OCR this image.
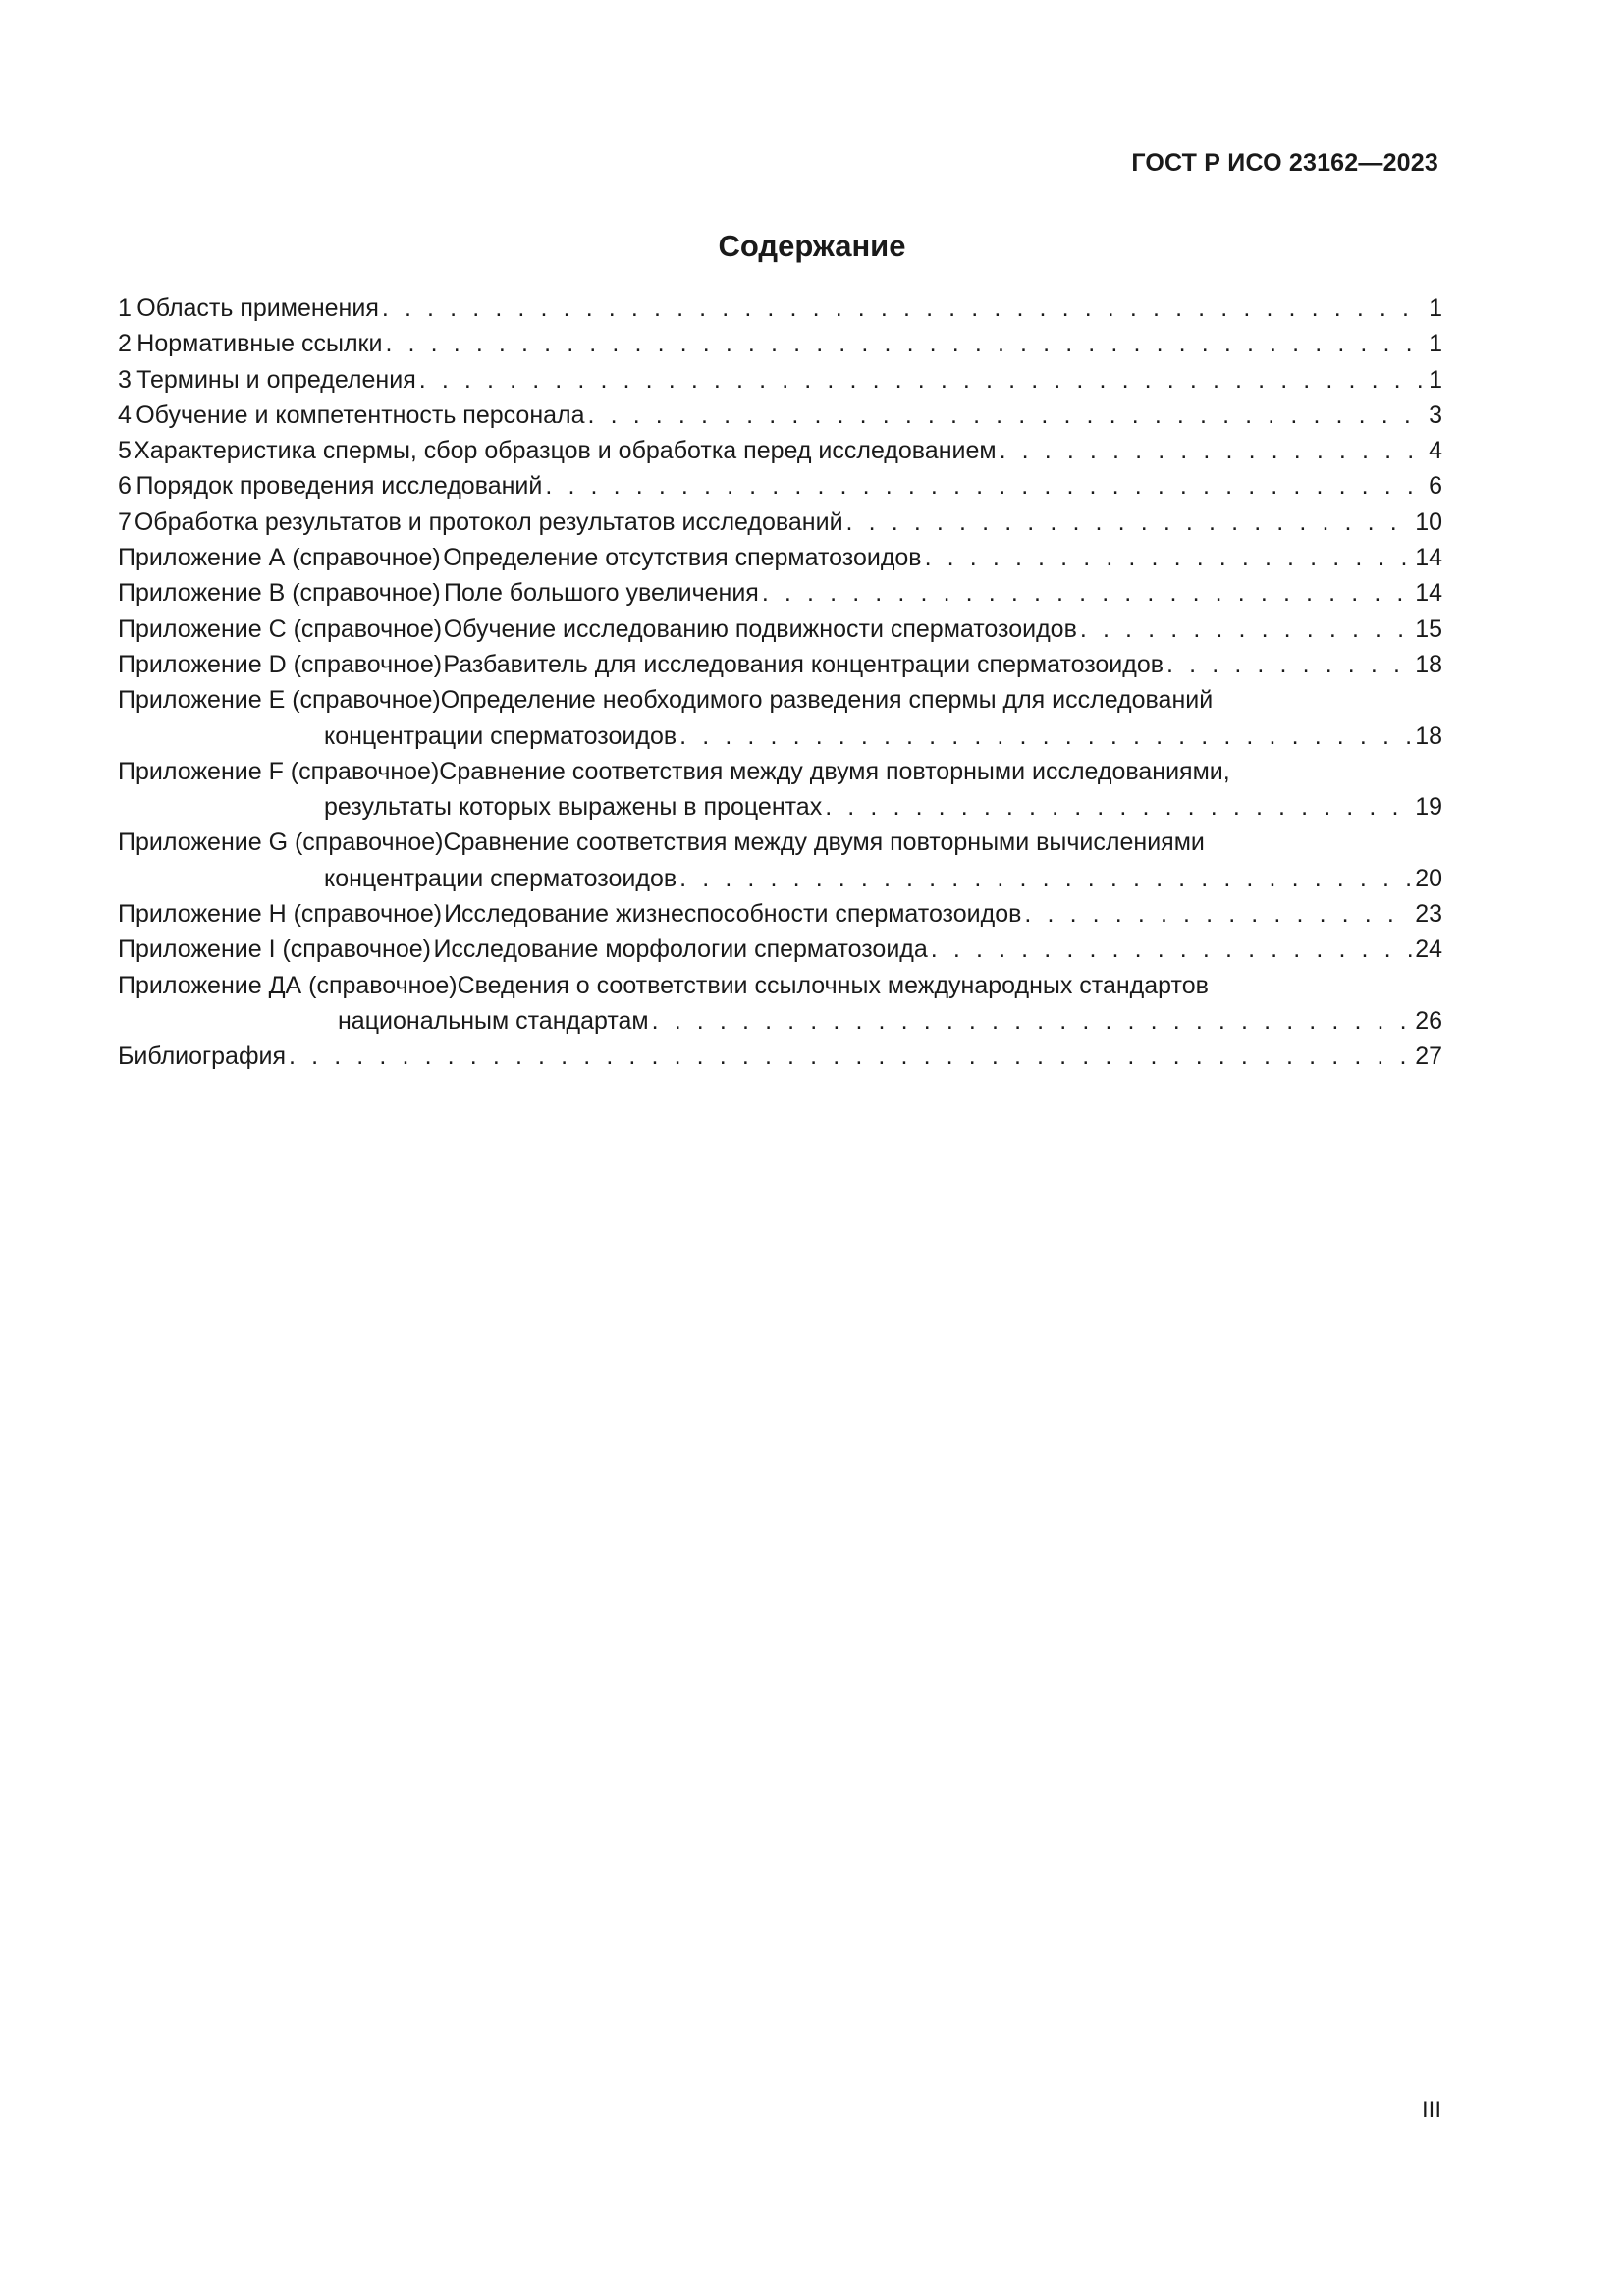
ГОСТ Р ИСО 23162—2023
Содержание
1 Область применения . . .	1
2 Нормативные ссылки . . .	1
3 Термины и определения . . .	1
4 Обучение и компетентность персонала . . .	3
5 Характеристика спермы, сбор образцов и обработка перед исследованием . . .	4
6 Порядок проведения исследований . . .	6
7 Обработка результатов и протокол результатов исследований . . .	10
Приложение А (справочное) Определение отсутствия сперматозоидов . . .	14
Приложение В (справочное) Поле большого увеличения . . .	14
Приложение С (справочное) Обучение исследованию подвижности сперматозоидов . . .	15
Приложение D (справочное) Разбавитель для исследования концентрации сперматозоидов . . .	18
Приложение Е (справочное)Определение необходимого разведения спермы для исследований
концентрации сперматозоидов . . .	18
Приложение F (справочное)Сравнение соответствия между двумя повторными исследованиями,
результаты которых выражены в процентах . . .	19
Приложение G (справочное)Сравнение соответствия между двумя повторными вычислениями
концентрации сперматозоидов . . .	20
Приложение Н (справочное) Исследование жизнеспособности сперматозоидов . . .	23
Приложение I (справочное) Исследование морфологии сперматозоида . . .	24
Приложение ДА (справочное)Сведения о соответствии ссылочных международных стандартов
национальным стандартам . . .	26
Библиография . . .	27
III
